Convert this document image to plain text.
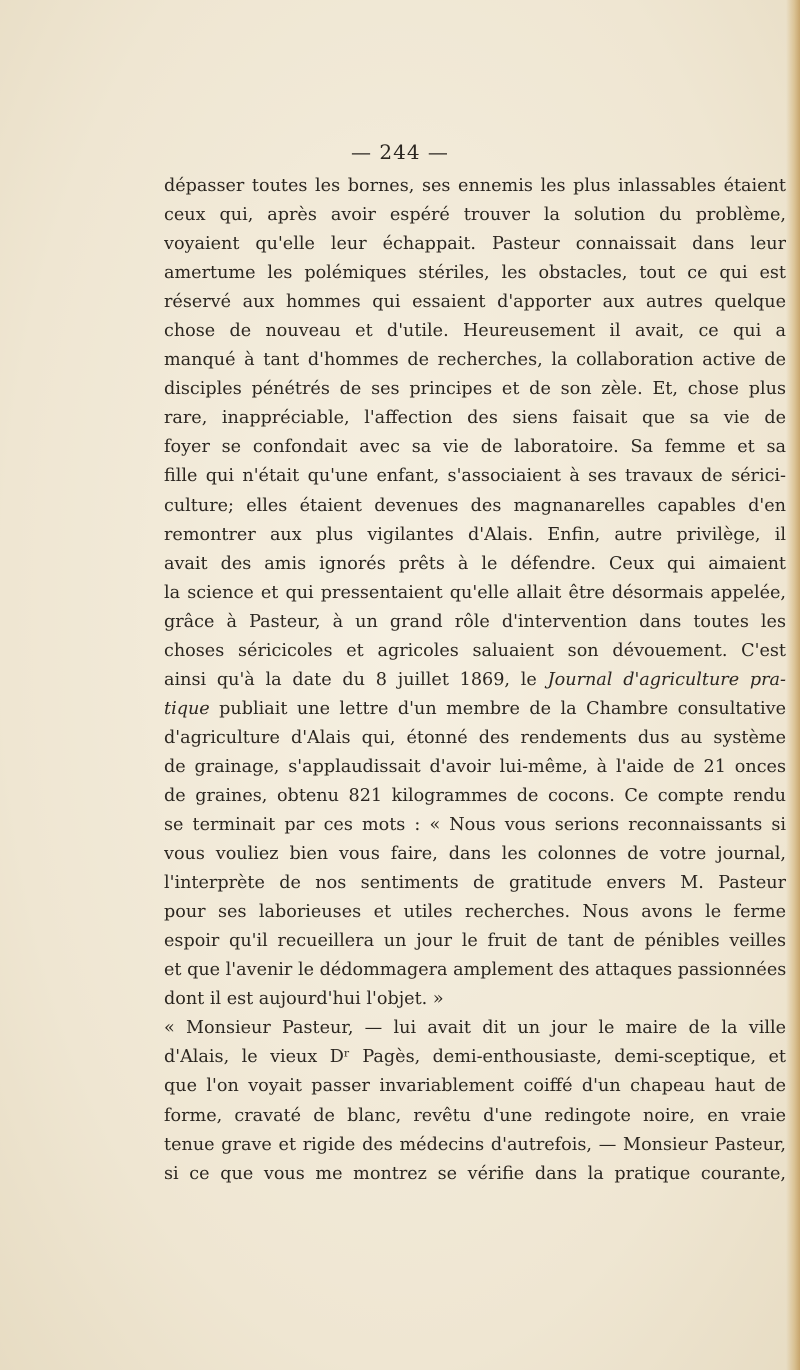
— 244 —
dépasser toutes les bornes, ses ennemis les plus inlassables étaient
ceux qui, après avoir espéré trouver la solution du problème,
voyaient qu'elle leur échappait. Pasteur connaissait dans leur
amertume les polémiques stériles, les obstacles, tout ce qui est
réservé aux hommes qui essaient d'apporter aux autres quelque
chose de nouveau et d'utile. Heureusement il avait, ce qui a
manqué à tant d'hommes de recherches, la collaboration active de
disciples pénétrés de ses principes et de son zèle. Et, chose plus
rare, inappréciable, l'affection des siens faisait que sa vie de
foyer se confondait avec sa vie de laboratoire. Sa femme et sa
fille qui n'était qu'une enfant, s'associaient à ses travaux de sérici-
culture; elles étaient devenues des magnanarelles capables d'en
remontrer aux plus vigilantes d'Alais. Enfin, autre privilège, il
avait des amis ignorés prêts à le défendre. Ceux qui aimaient
la science et qui pressentaient qu'elle allait être désormais appelée,
grâce à Pasteur, à un grand rôle d'intervention dans toutes les
choses séricicoles et agricoles saluaient son dévouement. C'est
ainsi qu'à la date du 8 juillet 1869, le Journal d'agriculture pra-
tique publiait une lettre d'un membre de la Chambre consultative
d'agriculture d'Alais qui, étonné des rendements dus au système
de grainage, s'applaudissait d'avoir lui-même, à l'aide de 21 onces
de graines, obtenu 821 kilogrammes de cocons. Ce compte rendu
se terminait par ces mots : « Nous vous serions reconnaissants si
vous vouliez bien vous faire, dans les colonnes de votre journal,
l'interprète de nos sentiments de gratitude envers M. Pasteur
pour ses laborieuses et utiles recherches. Nous avons le ferme
espoir qu'il recueillera un jour le fruit de tant de pénibles veilles
et que l'avenir le dédommagera amplement des attaques passionnées
dont il est aujourd'hui l'objet. »
« Monsieur Pasteur, — lui avait dit un jour le maire de la ville
d'Alais, le vieux Dʳ Pagès, demi-enthousiaste, demi-sceptique, et
que l'on voyait passer invariablement coiffé d'un chapeau haut de
forme, cravaté de blanc, revêtu d'une redingote noire, en vraie
tenue grave et rigide des médecins d'autrefois, — Monsieur Pasteur,
si ce que vous me montrez se vérifie dans la pratique courante,
